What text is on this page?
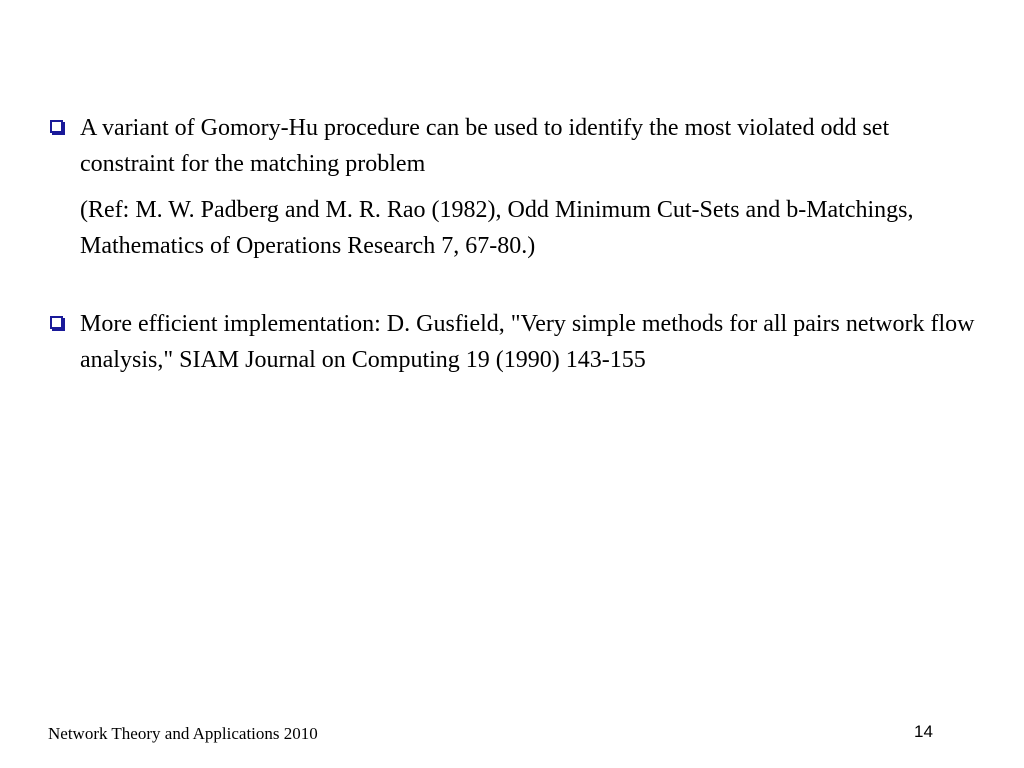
A variant of Gomory-Hu procedure can be used to identify the most violated odd set constraint for the matching problem
(Ref: M. W. Padberg and M. R. Rao (1982), Odd Minimum Cut-Sets and b-Matchings, Mathematics of Operations Research 7, 67-80.)
More efficient implementation: D. Gusfield, "Very simple methods for all pairs network flow analysis," SIAM Journal on Computing 19 (1990) 143-155
Network Theory and Applications 2010	14
